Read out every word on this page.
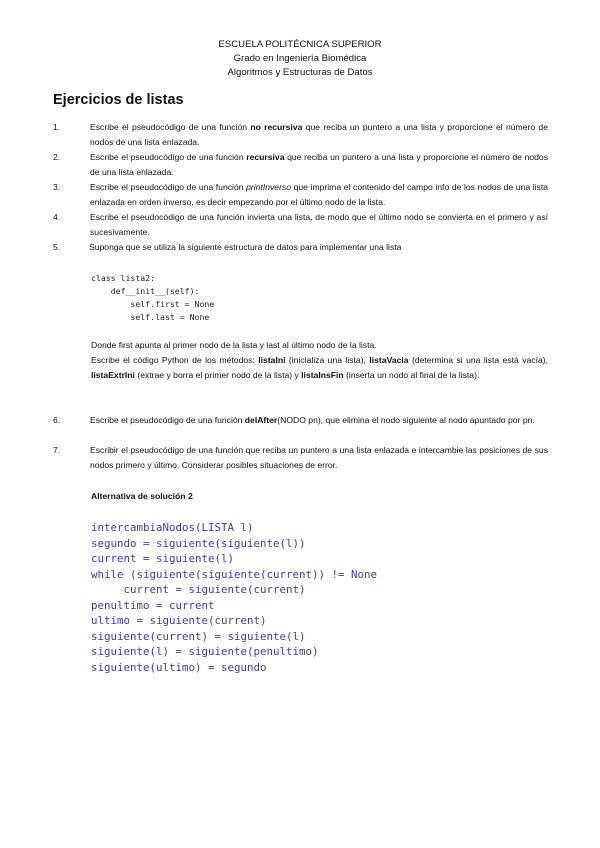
ESCUELA POLITÉCNICA SUPERIOR
Grado en Ingeniería Biomédica
Algoritmos y Estructuras de Datos
Ejercicios de listas
1.	Escribe el pseudocódigo de una función no recursiva que reciba un puntero a una lista y proporcione el número de nodos de una lista enlazada.
2.	Escribe el pseudocódigo de una función recursiva que reciba un puntero a una lista y proporcione el número de nodos de una lista enlazada.
3.	Escribe el pseudocódigo de una función printInverso que imprima el contenido del campo info de los nodos de una lista enlazada en orden inverso, es decir empezando por el último nodo de la lista.
4.	Escribe el pseudocódigo de una función invierta una lista, de modo que el último nodo se convierta en el primero y así sucesivamente.
5.	Suponga que se utiliza la siguiente estructura de datos para implementar una lista
class lista2:
def__init__(self):
self.first = None
self.last = None
Donde first apunta al primer nodo de la lista y last al último nodo de la lista.
Escribe el código Python de los métodos: listaIni (inicializa una lista), listaVacia (determina si una lista está vacía), listaExtrIni (extrae y borra el primer nodo de la lista) y listaInsFin (inserta un nodo al final de la lista).
6.	Escribe el pseudocódigo de una función delAfter(NODO pn), que elimina el nodo siguiente al nodo apuntado por pn.
7.	Escribir el pseudocódigo de una función que reciba un puntero a una lista enlazada e intercambie las posiciones de sus nodos primero y último. Considerar posibles situaciones de error.
Alternativa de solución 2
intercambiaNodos(LISTA l)
segundo = siguiente(siguiente(l))
current = siguiente(l)
while (siguiente(siguiente(current)) != None
current = siguiente(current)
penultimo = current
ultimo = siguiente(current)
siguiente(current) = siguiente(l)
siguiente(l) = siguiente(penultimo)
siguiente(ultimo) = segundo
